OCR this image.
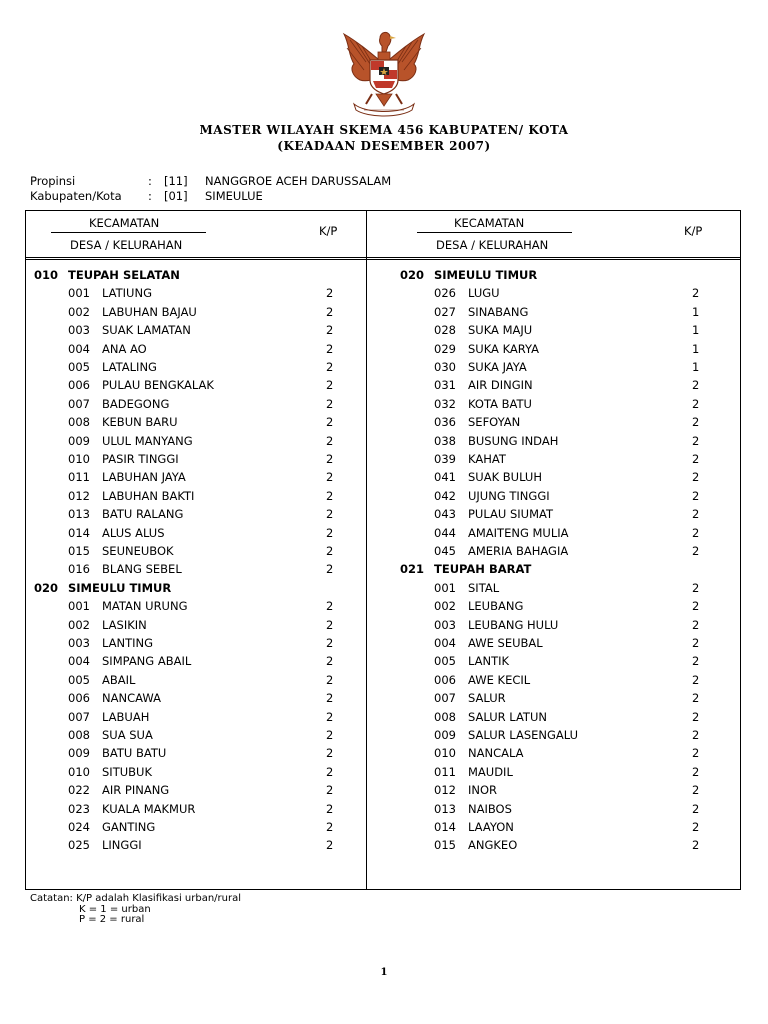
MASTER WILAYAH SKEMA 456 KABUPATEN/ KOTA
(KEADAAN DESEMBER 2007)
Propinsi	: [11] NANGGROE ACEH DARUSSALAM
Kabupaten/Kota : [01] SIMEULUE
KECAMATAN
DESA / KELURAHAN
K/P
KECAMATAN
DESA / KELURAHAN
K/P
010 TEUPAH SELATAN
001 LATIUNG	2
002 LABUHAN BAJAU	2
003 SUAK LAMATAN	2
004 ANA AO	2
005 LATALING	2
006 PULAU BENGKALAK	2
007 BADEGONG	2
008 KEBUN BARU	2
009 ULUL MANYANG	2
010 PASIR TINGGI	2
011 LABUHAN JAYA	2
012 LABUHAN BAKTI	2
013 BATU RALANG	2
014 ALUS ALUS	2
015 SEUNEUBOK	2
016 BLANG SEBEL	2
020 SIMEULU TIMUR
001 MATAN URUNG	2
002 LASIKIN	2
003 LANTING	2
004 SIMPANG ABAIL	2
005 ABAIL	2
006 NANCAWA	2
007 LABUAH	2
008 SUA SUA	2
009 BATU BATU	2
010 SITUBUK	2
022 AIR PINANG	2
023 KUALA MAKMUR	2
024 GANTING	2
025 LINGGI	2
020 SIMEULU TIMUR
026 LUGU	2
027 SINABANG	1
028 SUKA MAJU	1
029 SUKA KARYA	1
030 SUKA JAYA	1
031 AIR DINGIN	2
032 KOTA BATU	2
036 SEFOYAN	2
038 BUSUNG INDAH	2
039 KAHAT	2
041 SUAK BULUH	2
042 UJUNG TINGGI	2
043 PULAU SIUMAT	2
044 AMAITENG MULIA	2
045 AMERIA BAHAGIA	2
021 TEUPAH BARAT
001 SITAL	2
002 LEUBANG	2
003 LEUBANG HULU	2
004 AWE SEUBAL	2
005 LANTIK	2
006 AWE KECIL	2
007 SALUR	2
008 SALUR LATUN	2
009 SALUR LASENGALU	2
010 NANCALA	2
011 MAUDIL	2
012 INOR	2
013 NAIBOS	2
014 LAAYON	2
015 ANGKEO	2
Catatan: K/P adalah Klasifikasi urban/rural
K = 1 = urban
P = 2 = rural
1
